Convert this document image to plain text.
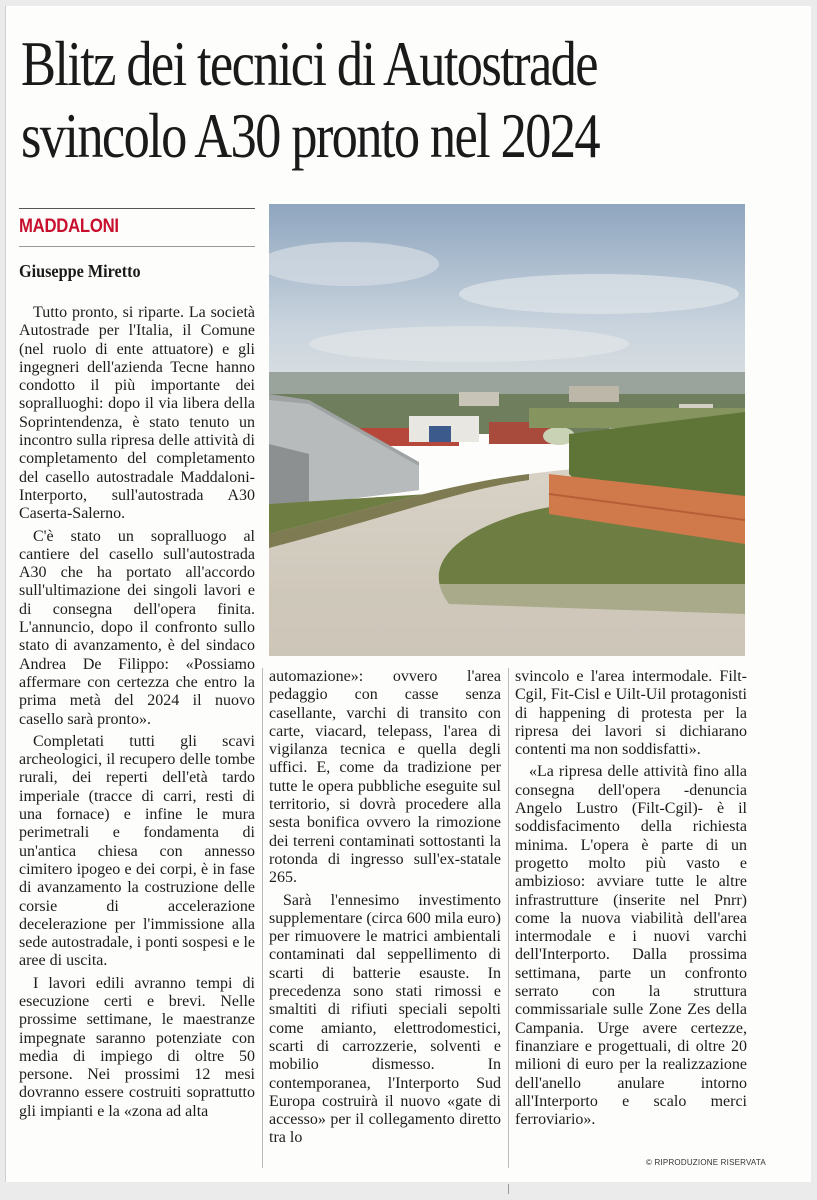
Blitz dei tecnici di Autostrade
svincolo A30 pronto nel 2024
MADDALONI
Giuseppe Miretto

Tutto pronto, si riparte. La società Autostrade per l'Italia, il Comune (nel ruolo di ente attuatore) e gli ingegneri dell'azienda Tecne hanno condotto il più importante dei sopralluoghi: dopo il via libera della Soprintendenza, è stato tenuto un incontro sulla ripresa delle attività di completamento del completamento del casello autostradale Maddaloni-Interporto, sull'autostrada A30 Caserta-Salerno.

C'è stato un sopralluogo al cantiere del casello sull'autostrada A30 che ha portato all'accordo sull'ultimazione dei singoli lavori e di consegna dell'opera finita. L'annuncio, dopo il confronto sullo stato di avanzamento, è del sindaco Andrea De Filippo: «Possiamo affermare con certezza che entro la prima metà del 2024 il nuovo casello sarà pronto».

Completati tutti gli scavi archeologici, il recupero delle tombe rurali, dei reperti dell'età tardo imperiale (tracce di carri, resti di una fornace) e infine le mura perimetrali e fondamenta di un'antica chiesa con annesso cimitero ipogeo e dei corpi, è in fase di avanzamento la costruzione delle corsie di accelerazione decelerazione per l'immissione alla sede autostradale, i ponti sospesi e le aree di uscita.

I lavori edili avranno tempi di esecuzione certi e brevi. Nelle prossime settimane, le maestranze impegnate saranno potenziate con media di impiego di oltre 50 persone. Nei prossimi 12 mesi dovranno essere costruiti soprattutto gli impianti e la «zona ad alta

automazione»: ovvero l'area pedaggio con casse senza casellante, varchi di transito con carte, viacard, telepass, l'area di vigilanza tecnica e quella degli uffici. E, come da tradizione per tutte le opera pubbliche eseguite sul territorio, si dovrà procedere alla sesta bonifica ovvero la rimozione dei terreni contaminati sottostanti la rotonda di ingresso sull'ex-statale 265.

Sarà l'ennesimo investimento supplementare (circa 600 mila euro) per rimuovere le matrici ambientali contaminati dal seppellimento di scarti di batterie esauste. In precedenza sono stati rimossi e smaltiti di rifiuti speciali sepolti come amianto, elettrodomestici, scarti di carrozzerie, solventi e mobilio dismesso. In contemporanea, l'Interporto Sud Europa costruirà il nuovo «gate di accesso» per il collegamento diretto tra lo

svincolo e l'area intermodale. Filt-Cgil, Fit-Cisl e Uilt-Uil protagonisti di happening di protesta per la ripresa dei lavori si dichiarano contenti ma non soddisfatti».

«La ripresa delle attività fino alla consegna dell'opera -denuncia Angelo Lustro (Filt-Cgil)- è il soddisfacimento della richiesta minima. L'opera è parte di un progetto molto più vasto e ambizioso: avviare tutte le altre infrastrutture (inserite nel Pnrr) come la nuova viabilità dell'area intermodale e i nuovi varchi dell'Interporto. Dalla prossima settimana, parte un confronto serrato con la struttura commissariale sulle Zone Zes della Campania. Urge avere certezze, finanziare e progettuali, di oltre 20 milioni di euro per la realizzazione dell'anello anulare intorno all'Interporto e scalo merci ferroviario».

© RIPRODUZIONE RISERVATA
